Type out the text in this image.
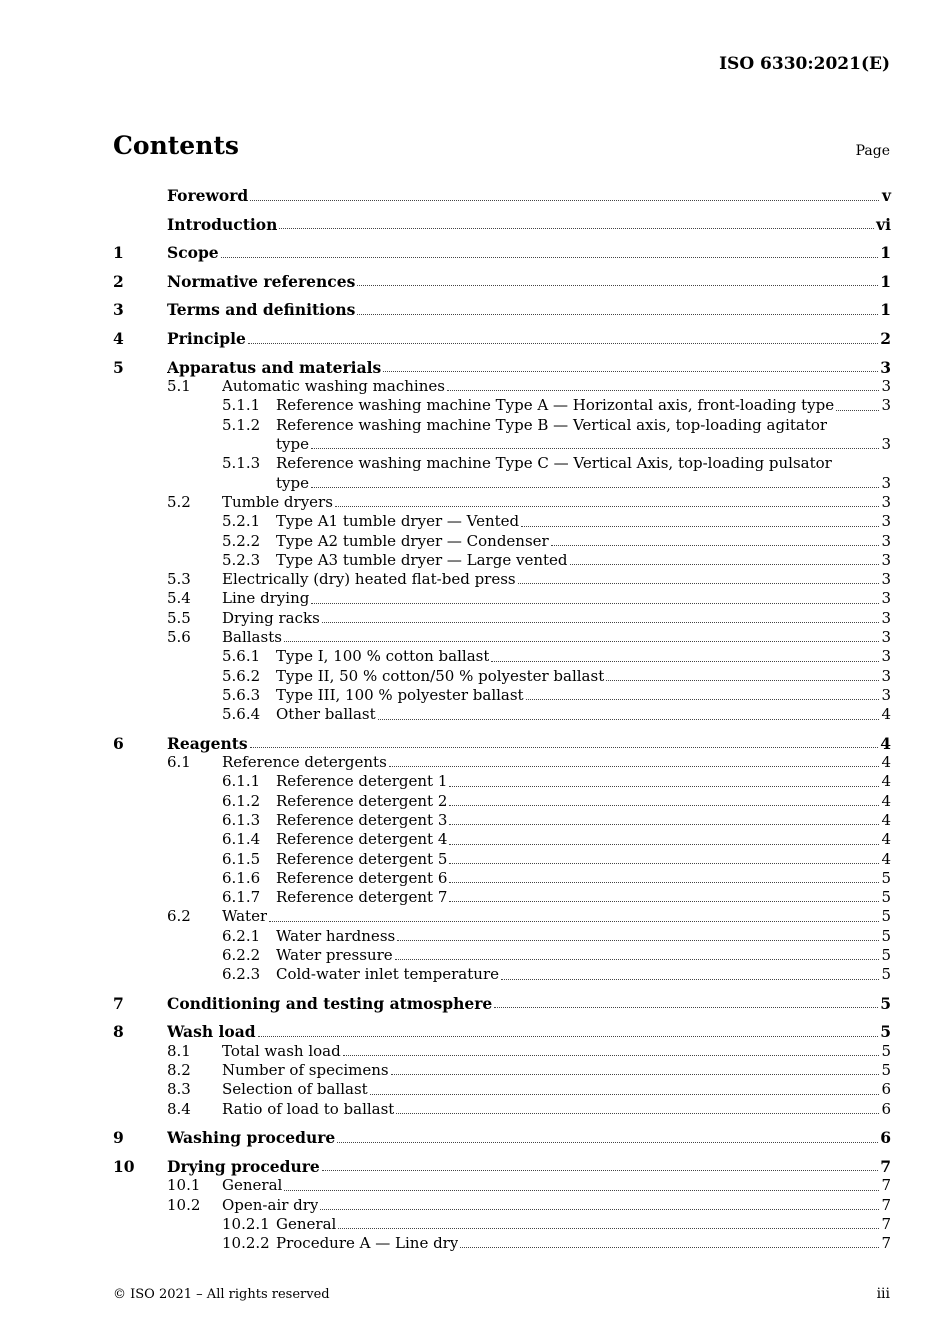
ISO 6330:2021(E)
Contents	Page
Foreword	v
Introduction	vi
1	Scope	1
2	Normative references	1
3	Terms and definitions	1
4	Principle	2
5	Apparatus and materials	3
5.1	Automatic washing machines	3
5.1.1	Reference washing machine Type A — Horizontal axis, front-loading type	3
5.1.2	Reference washing machine Type B — Vertical axis, top-loading agitator
type	3
5.1.3	Reference washing machine Type C — Vertical Axis, top-loading pulsator
type	3
5.2	Tumble dryers	3
5.2.1	Type A1 tumble dryer — Vented	3
5.2.2	Type A2 tumble dryer — Condenser	3
5.2.3	Type A3 tumble dryer — Large vented	3
5.3	Electrically (dry) heated flat-bed press	3
5.4	Line drying	3
5.5	Drying racks	3
5.6	Ballasts	3
5.6.1	Type I, 100 % cotton ballast	3
5.6.2	Type II, 50 % cotton/50 % polyester ballast	3
5.6.3	Type III, 100 % polyester ballast	3
5.6.4	Other ballast	4
6	Reagents	4
6.1	Reference detergents	4
6.1.1	Reference detergent 1	4
6.1.2	Reference detergent 2	4
6.1.3	Reference detergent 3	4
6.1.4	Reference detergent 4	4
6.1.5	Reference detergent 5	4
6.1.6	Reference detergent 6	5
6.1.7	Reference detergent 7	5
6.2	Water	5
6.2.1	Water hardness	5
6.2.2	Water pressure	5
6.2.3	Cold-water inlet temperature	5
7	Conditioning and testing atmosphere	5
8	Wash load	5
8.1	Total wash load	5
8.2	Number of specimens	5
8.3	Selection of ballast	6
8.4	Ratio of load to ballast	6
9	Washing procedure	6
10	Drying procedure	7
10.1	General	7
10.2	Open-air dry	7
10.2.1 General	7
10.2.2 Procedure A — Line dry	7
© ISO 2021 – All rights reserved	iii
